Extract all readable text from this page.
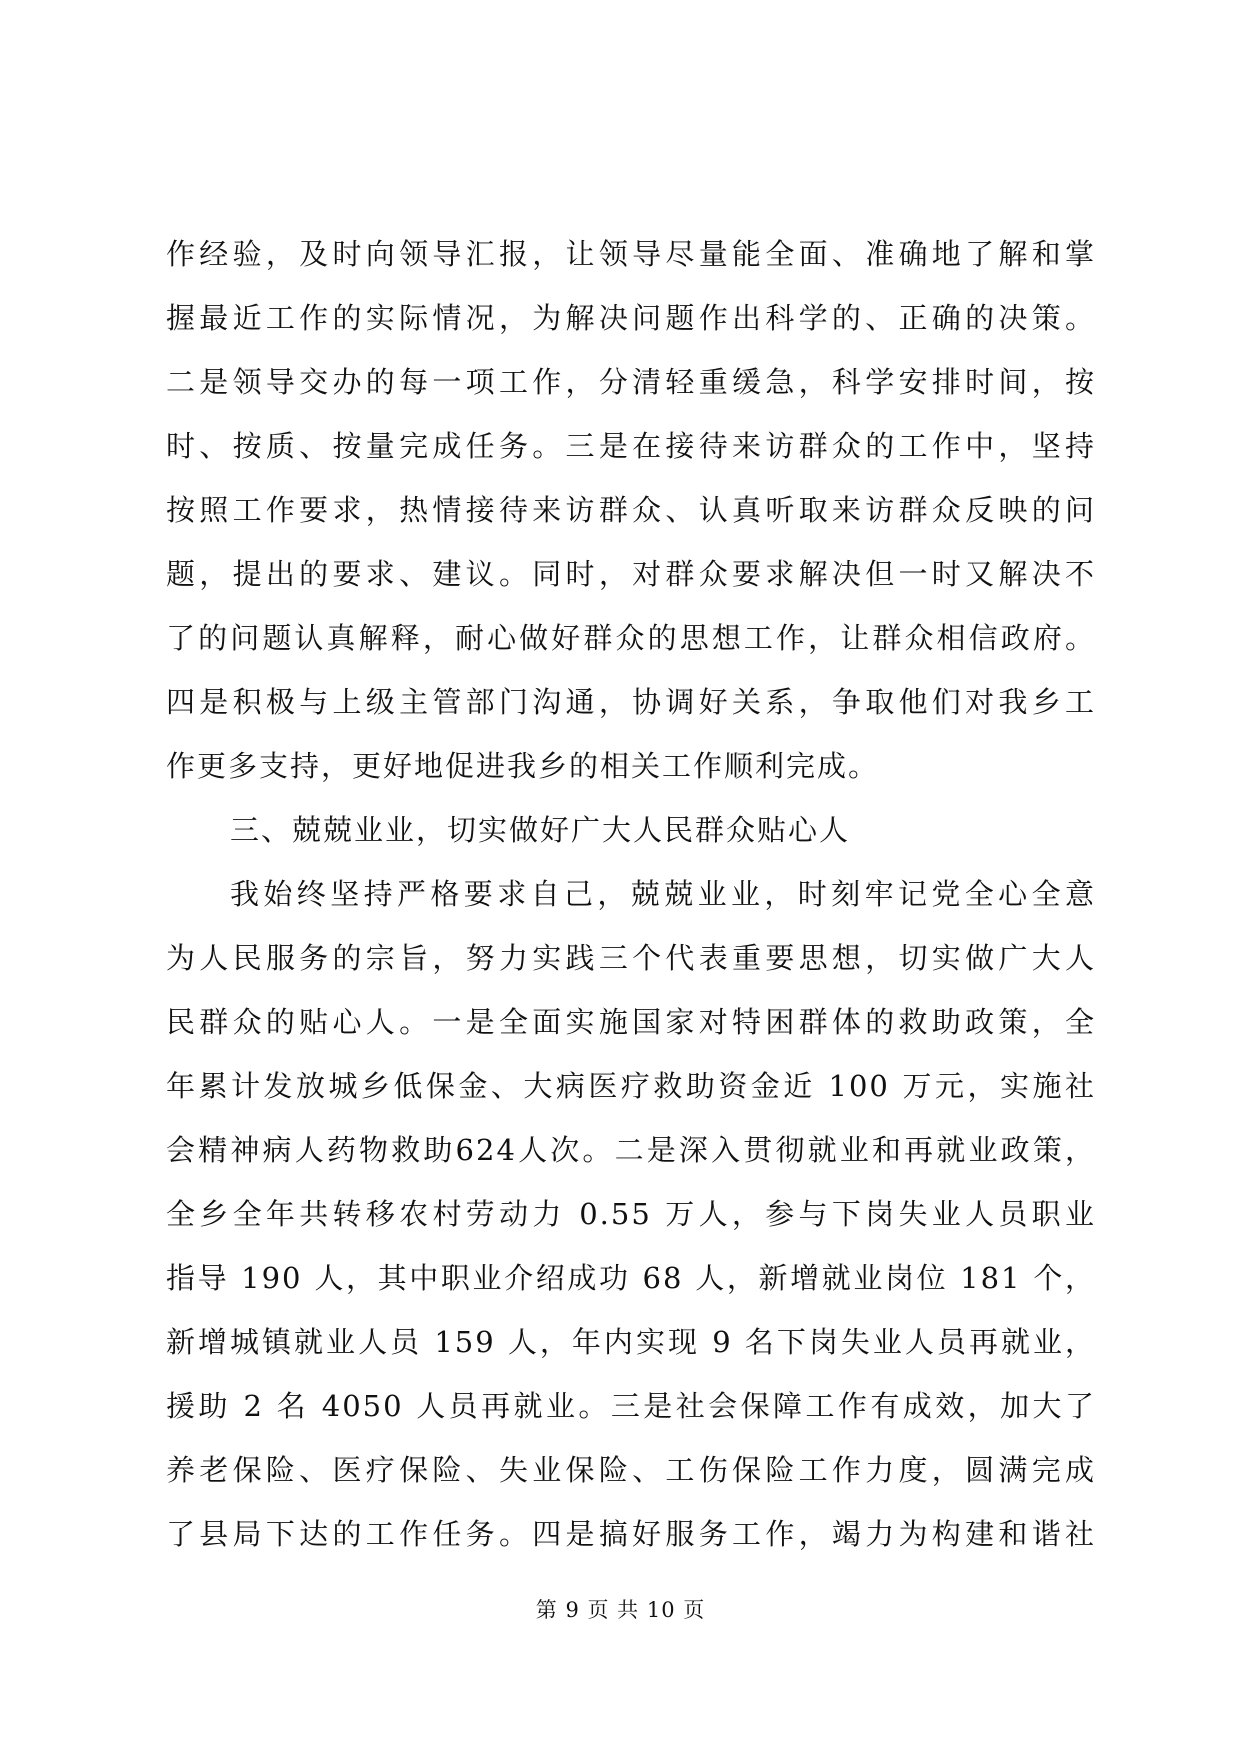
作经验，及时向领导汇报，让领导尽量能全面、准确地了解和掌
握最近工作的实际情况，为解决问题作出科学的、正确的决策。
二是领导交办的每一项工作，分清轻重缓急，科学安排时间，按
时、按质、按量完成任务。三是在接待来访群众的工作中，坚持
按照工作要求，热情接待来访群众、认真听取来访群众反映的问
题，提出的要求、建议。同时，对群众要求解决但一时又解决不
了的问题认真解释，耐心做好群众的思想工作，让群众相信政府。
四是积极与上级主管部门沟通，协调好关系，争取他们对我乡工
作更多支持，更好地促进我乡的相关工作顺利完成。
三、兢兢业业，切实做好广大人民群众贴心人
我始终坚持严格要求自己，兢兢业业，时刻牢记党全心全意
为人民服务的宗旨，努力实践三个代表重要思想，切实做广大人
民群众的贴心人。一是全面实施国家对特困群体的救助政策，全
年累计发放城乡低保金、大病医疗救助资金近 100 万元，实施社
会精神病人药物救助624人次。二是深入贯彻就业和再就业政策，
全乡全年共转移农村劳动力 0.55 万人，参与下岗失业人员职业
指导 190 人，其中职业介绍成功 68 人，新增就业岗位 181 个，
新增城镇就业人员 159 人，年内实现 9 名下岗失业人员再就业，
援助 2 名 4050 人员再就业。三是社会保障工作有成效，加大了
养老保险、医疗保险、失业保险、工伤保险工作力度，圆满完成
了县局下达的工作任务。四是搞好服务工作，竭力为构建和谐社
第 9 页 共 10 页
